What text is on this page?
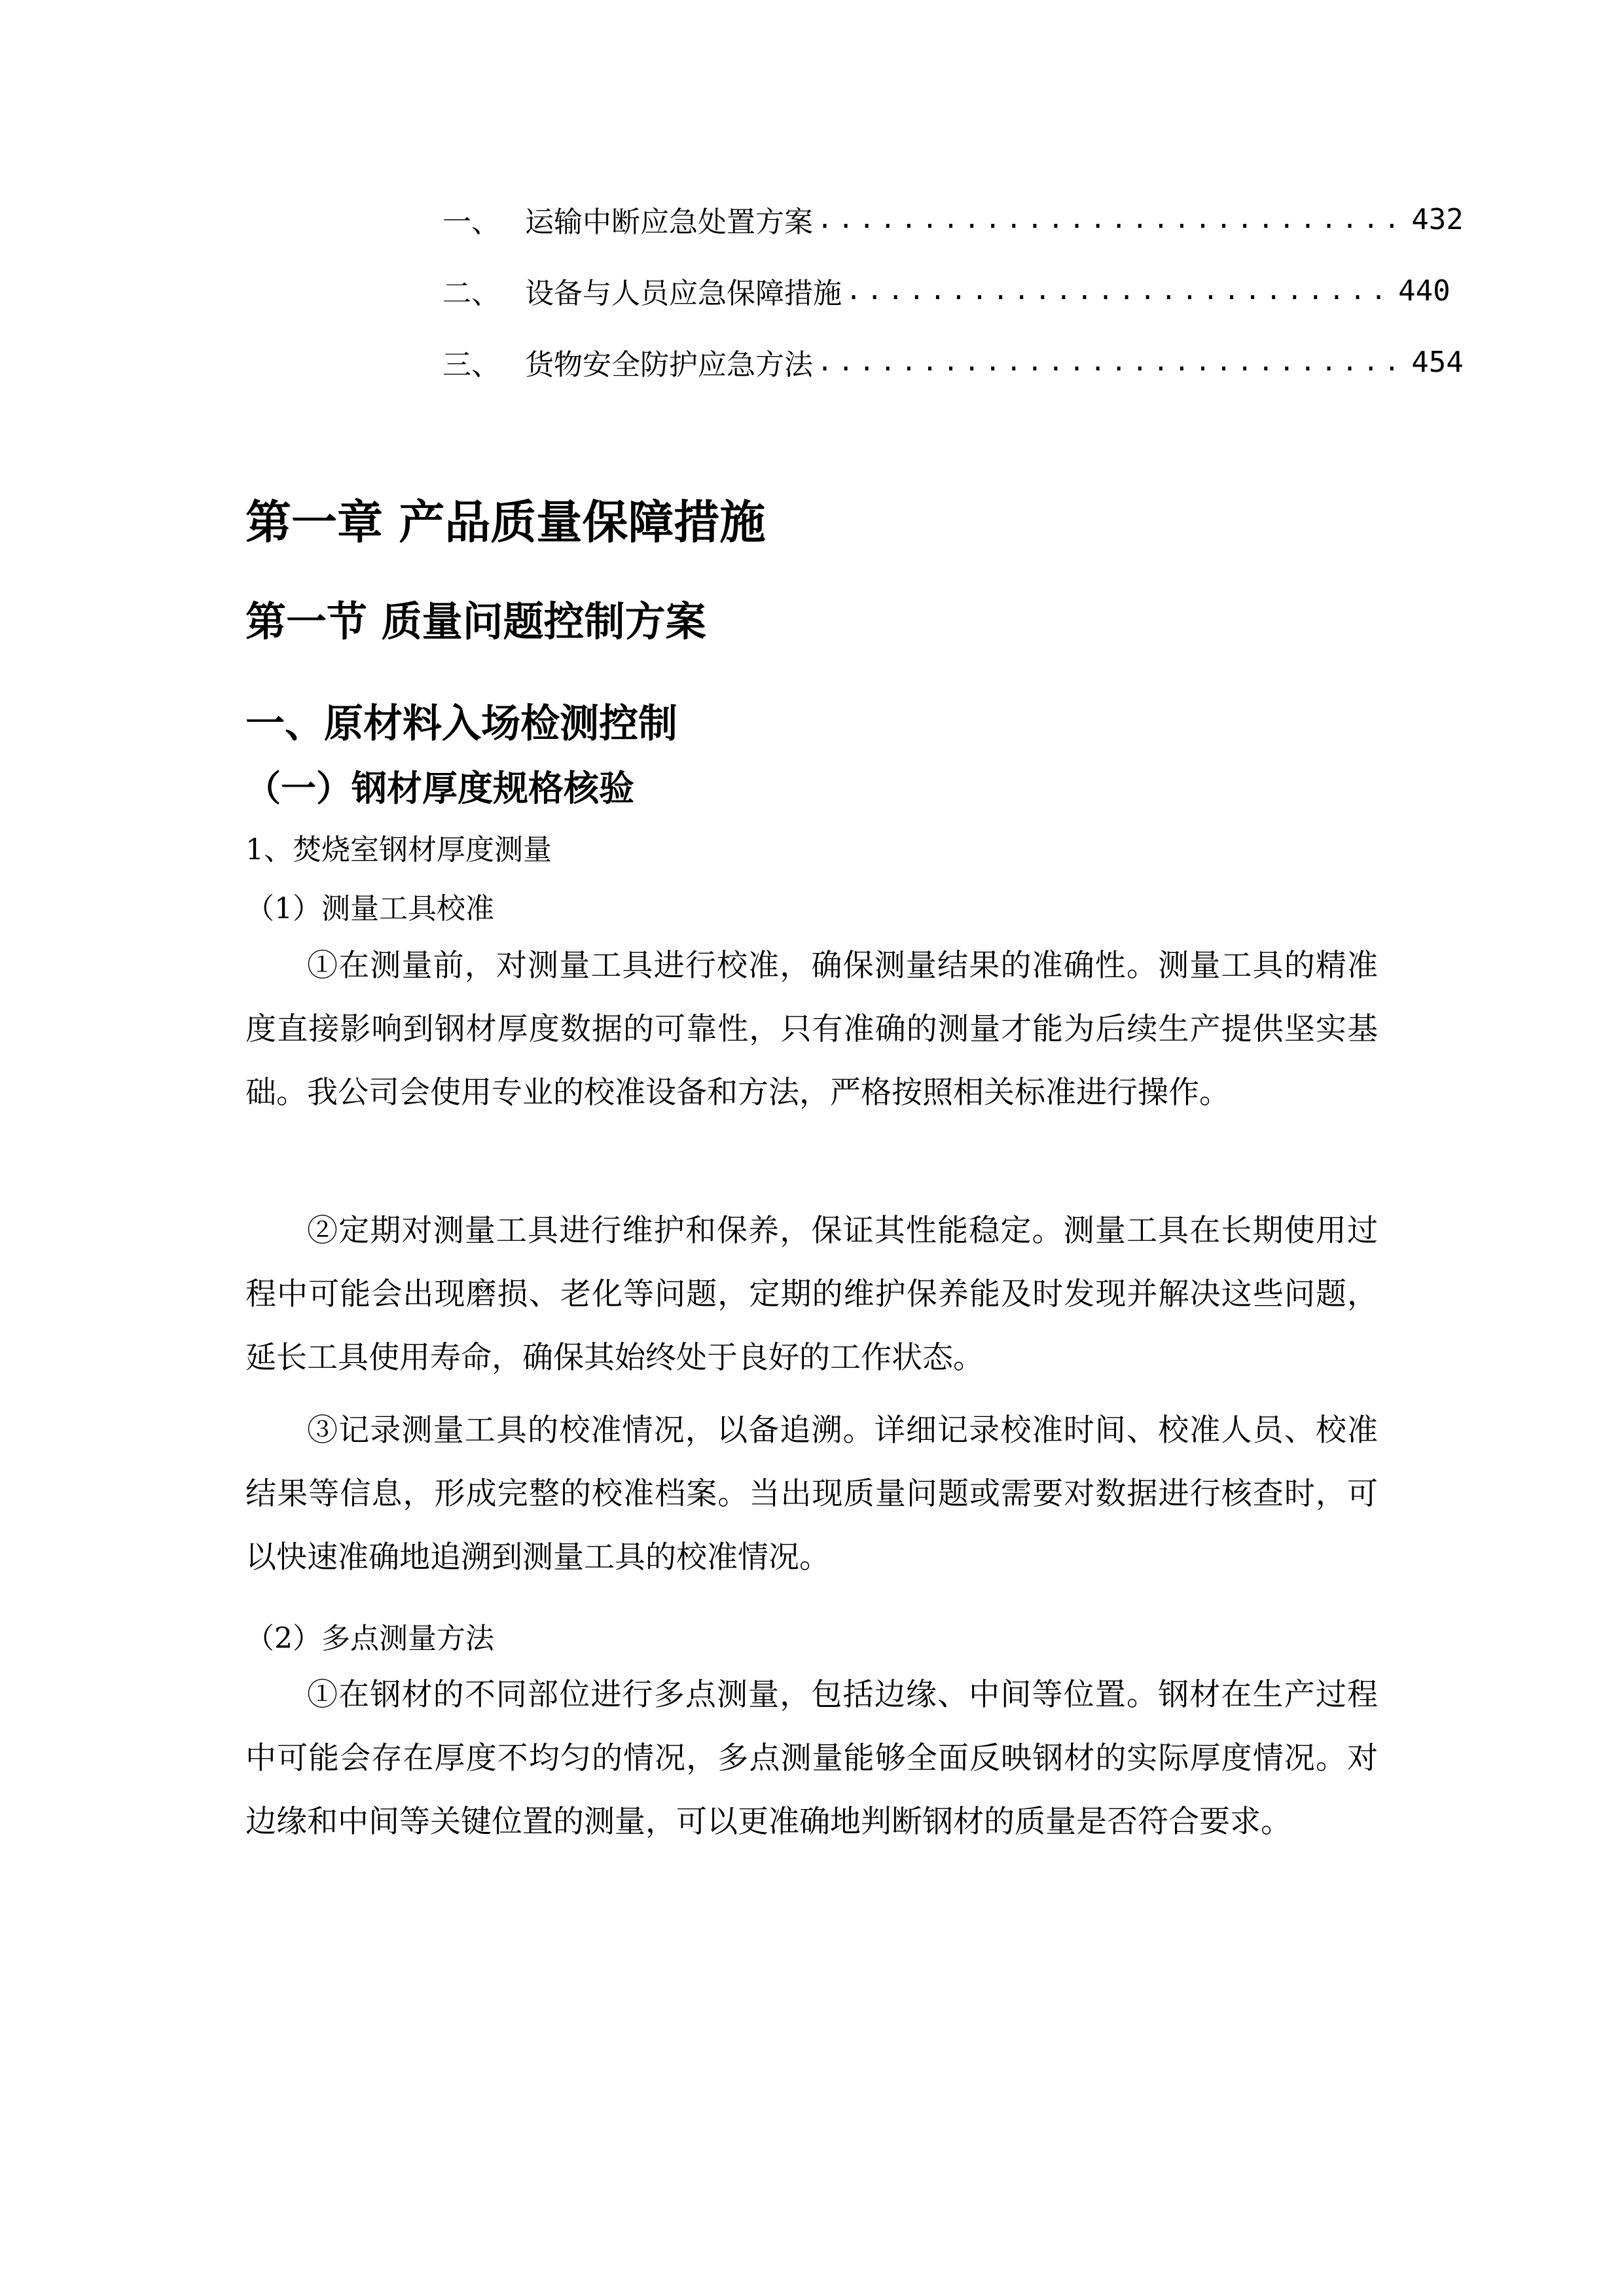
一、 运输中断应急处置方案 ............................ 432
二、 设备与人员应急保障措施 .......................... 440
三、 货物安全防护应急方法 ............................ 454
第一章 产品质量保障措施
第一节 质量问题控制方案
一、原材料入场检测控制
（一）钢材厚度规格核验
1、焚烧室钢材厚度测量
（1）测量工具校准

①在测量前，对测量工具进行校准，确保测量结果的准确性。测量工具的精准度直接影响到钢材厚度数据的可靠性，只有准确的测量才能为后续生产提供坚实基础。我公司会使用专业的校准设备和方法，严格按照相关标准进行操作。

②定期对测量工具进行维护和保养，保证其性能稳定。测量工具在长期使用过程中可能会出现磨损、老化等问题，定期的维护保养能及时发现并解决这些问题，延长工具使用寿命，确保其始终处于良好的工作状态。

③记录测量工具的校准情况，以备追溯。详细记录校准时间、校准人员、校准结果等信息，形成完整的校准档案。当出现质量问题或需要对数据进行核查时，可以快速准确地追溯到测量工具的校准情况。

（2）多点测量方法

①在钢材的不同部位进行多点测量，包括边缘、中间等位置。钢材在生产过程中可能会存在厚度不均匀的情况，多点测量能够全面反映钢材的实际厚度情况。对边缘和中间等关键位置的测量，可以更准确地判断钢材的质量是否符合要求。
